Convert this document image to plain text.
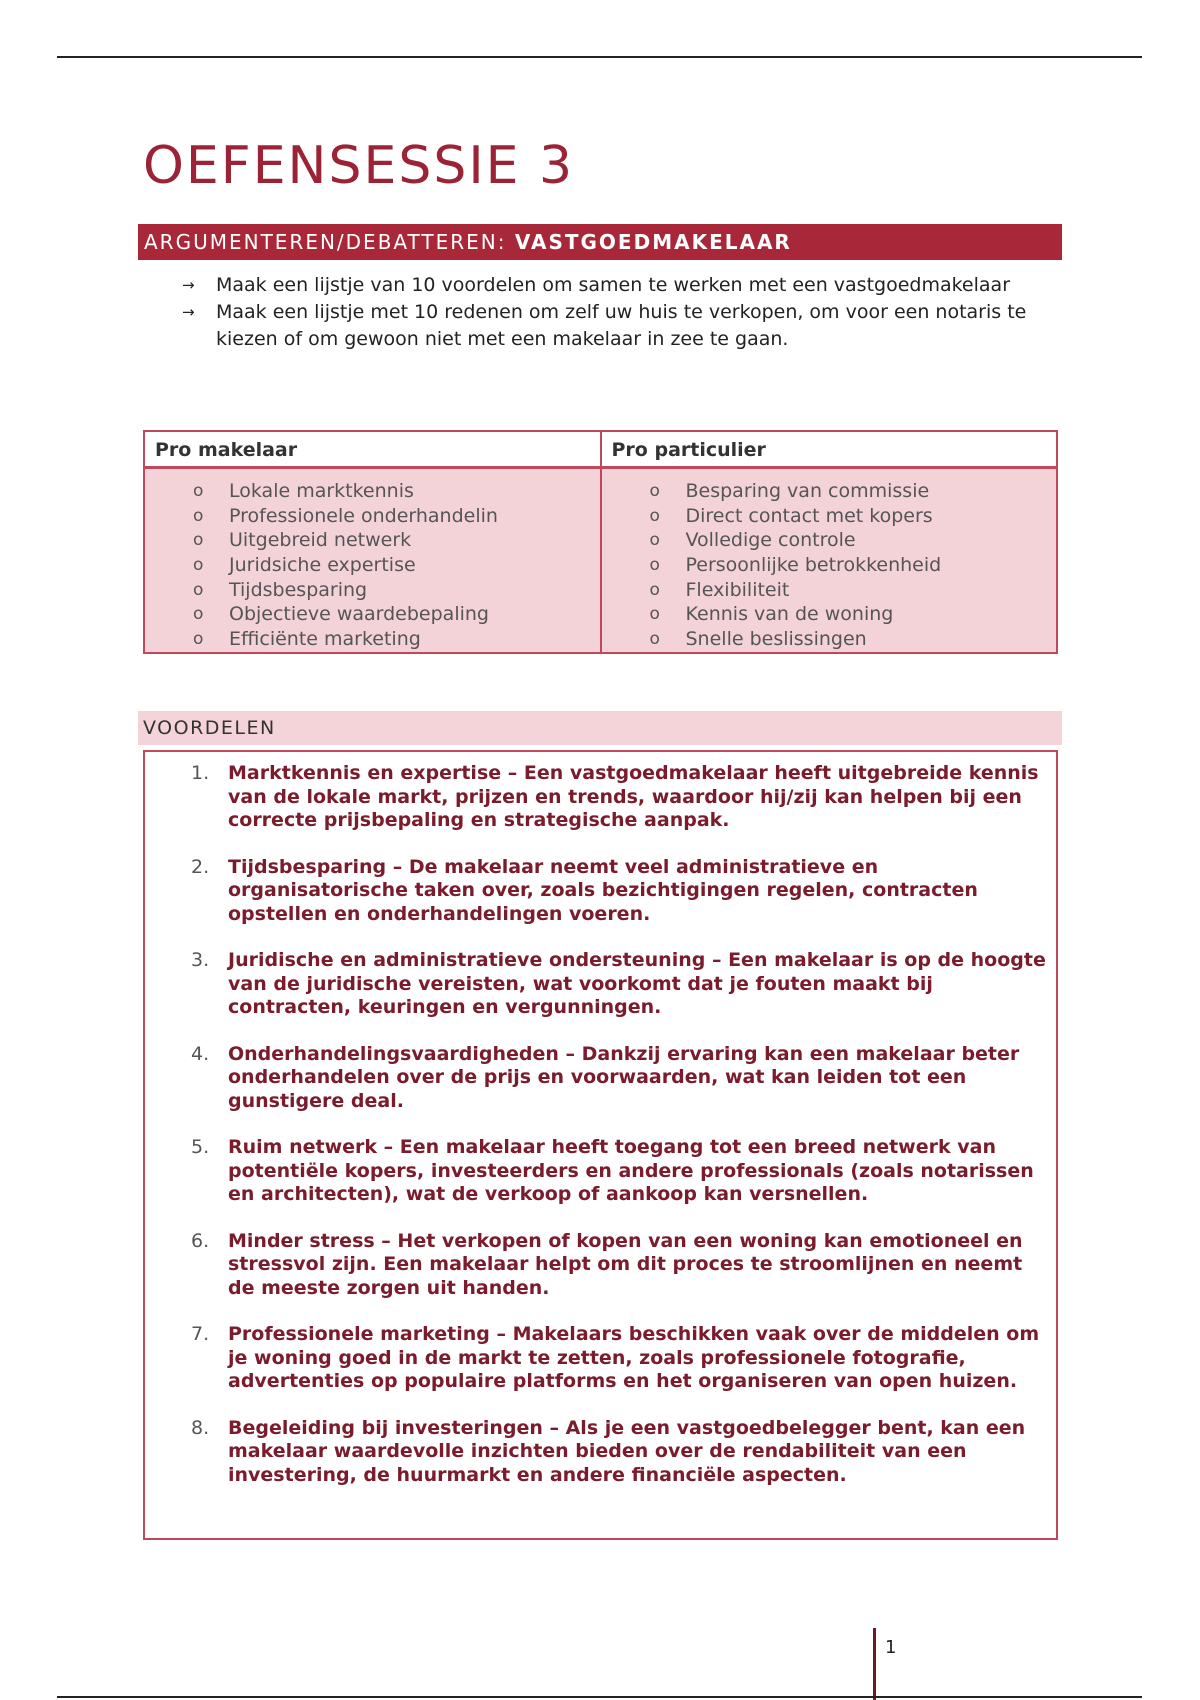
OEFENSESSIE 3
ARGUMENTEREN/DEBATTEREN: VASTGOEDMAKELAAR
→ Maak een lijstje van 10 voordelen om samen te werken met een vastgoedmakelaar
→ Maak een lijstje met 10 redenen om zelf uw huis te verkopen, om voor een notaris te kiezen of om gewoon niet met een makelaar in zee te gaan.
Pro makelaar
o Lokale marktkennis
o Professionele onderhandelin
o Uitgebreid netwerk
o Juridsiche expertise
o Tijdsbesparing
o Objectieve waardebepaling
o Efficiënte marketing
Pro particulier
o Besparing van commissie
o Direct contact met kopers
o Volledige controle
o Persoonlijke betrokkenheid
o Flexibiliteit
o Kennis van de woning
o Snelle beslissingen
VOORDELEN
1. Marktkennis en expertise – Een vastgoedmakelaar heeft uitgebreide kennis van de lokale markt, prijzen en trends, waardoor hij/zij kan helpen bij een correcte prijsbepaling en strategische aanpak.
2. Tijdsbesparing – De makelaar neemt veel administratieve en organisatorische taken over, zoals bezichtigingen regelen, contracten opstellen en onderhandelingen voeren.
3. Juridische en administratieve ondersteuning – Een makelaar is op de hoogte van de juridische vereisten, wat voorkomt dat je fouten maakt bij contracten, keuringen en vergunningen.
4. Onderhandelingsvaardigheden – Dankzij ervaring kan een makelaar beter onderhandelen over de prijs en voorwaarden, wat kan leiden tot een gunstigere deal.
5. Ruim netwerk – Een makelaar heeft toegang tot een breed netwerk van potentiële kopers, investeerders en andere professionals (zoals notarissen en architecten), wat de verkoop of aankoop kan versnellen.
6. Minder stress – Het verkopen of kopen van een woning kan emotioneel en stressvol zijn. Een makelaar helpt om dit proces te stroomlijnen en neemt de meeste zorgen uit handen.
7. Professionele marketing – Makelaars beschikken vaak over de middelen om je woning goed in de markt te zetten, zoals professionele fotografie, advertenties op populaire platforms en het organiseren van open huizen.
8. Begeleiding bij investeringen – Als je een vastgoedbelegger bent, kan een makelaar waardevolle inzichten bieden over de rendabiliteit van een investering, de huurmarkt en andere financiële aspecten.
1
